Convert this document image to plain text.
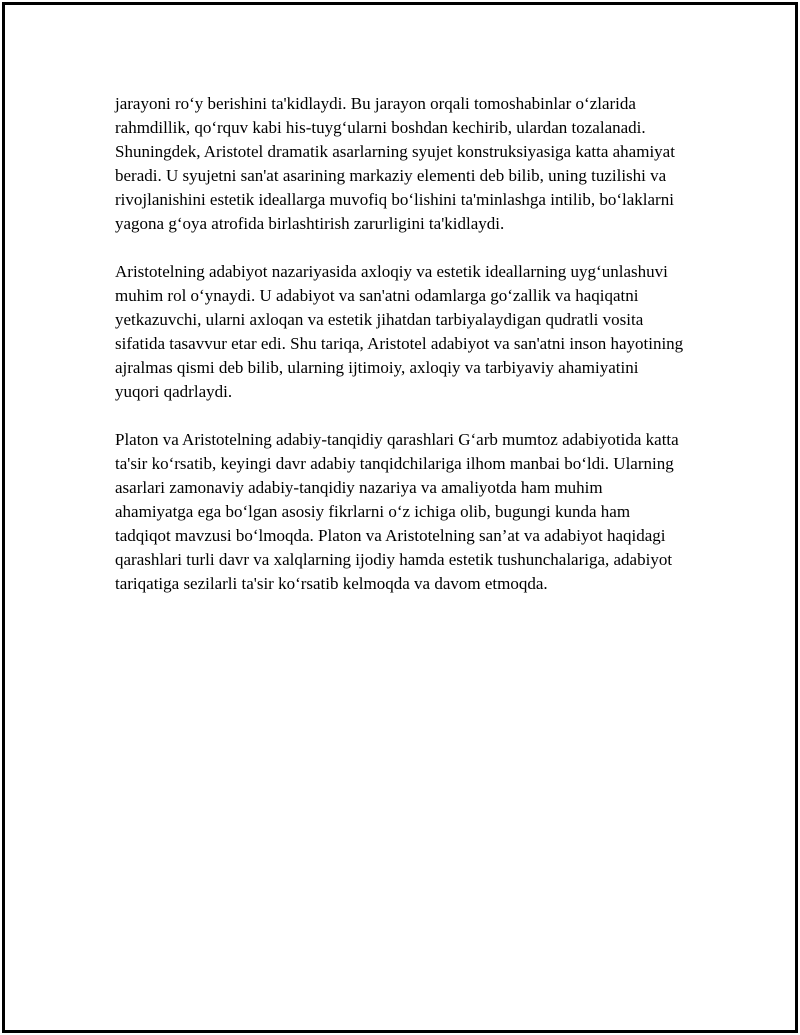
jarayoni ro‘y berishini ta'kidlaydi. Bu jarayon orqali tomoshabinlar o‘zlarida rahmdillik, qo‘rquv kabi his-tuyg‘ularni boshdan kechirib, ulardan tozalanadi. Shuningdek, Aristotel dramatik asarlarning syujet konstruksiyasiga katta ahamiyat beradi. U syujetni san'at asarining markaziy elementi deb bilib, uning tuzilishi va rivojlanishini estetik ideallarga muvofiq bo‘lishini ta'minlashga intilib, bo‘laklarni yagona g‘oya atrofida birlashtirish zarurligini ta'kidlaydi.

Aristotelning adabiyot nazariyasida axloqiy va estetik ideallarning uyg‘unlashuvi muhim rol o‘ynaydi. U adabiyot va san'atni odamlarga go‘zallik va haqiqatni yetkazuvchi, ularni axloqan va estetik jihatdan tarbiyalaydigan qudratli vosita sifatida tasavvur etar edi. Shu tariqa, Aristotel adabiyot va san'atni inson hayotining ajralmas qismi deb bilib, ularning ijtimoiy, axloqiy va tarbiyaviy ahamiyatini yuqori qadrlaydi.

Platon va Aristotelning adabiy-tanqidiy qarashlari G‘arb mumtoz adabiyotida katta ta'sir ko‘rsatib, keyingi davr adabiy tanqidchilariga ilhom manbai bo‘ldi. Ularning asarlari zamonaviy adabiy-tanqidiy nazariya va amaliyotda ham muhim ahamiyatga ega bo‘lgan asosiy fikrlarni o‘z ichiga olib, bugungi kunda ham tadqiqot mavzusi bo‘lmoqda. Platon va Aristotelning san’at va adabiyot haqidagi qarashlari turli davr va xalqlarning ijodiy hamda estetik tushunchalariga, adabiyot tariqatiga sezilarli ta'sir ko‘rsatib kelmoqda va davom etmoqda.
